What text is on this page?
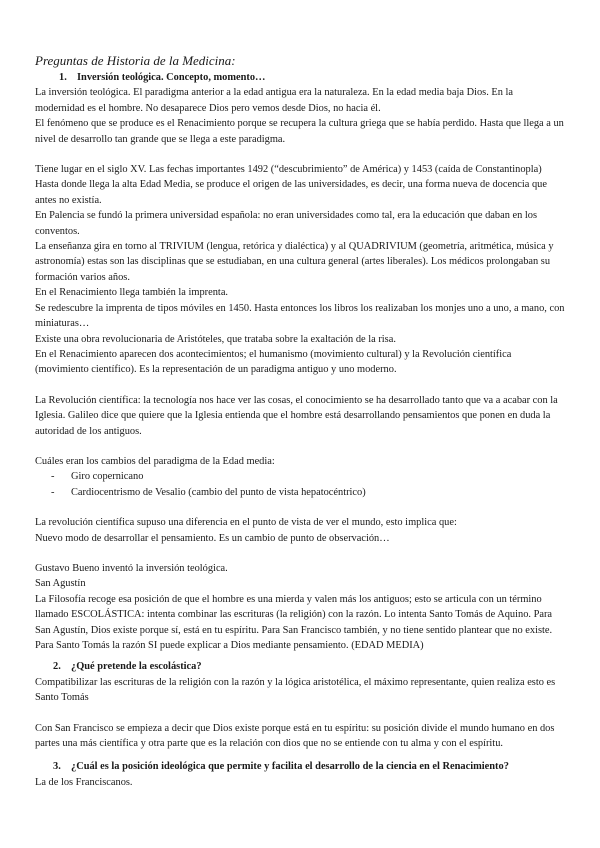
Preguntas de Historia de la Medicina:
1. Inversión teológica. Concepto, momento…

La inversión teológica. El paradigma anterior a la edad antigua era la naturaleza. En la edad media baja Dios. En la modernidad es el hombre. No desaparece Dios pero vemos desde Dios, no hacia él.

El fenómeno que se produce es el Renacimiento porque se recupera la cultura griega que se había perdido. Hasta que llega a un nivel de desarrollo tan grande que se llega a este paradigma.

Tiene lugar en el siglo XV. Las fechas importantes 1492 (“descubrimiento” de América) y 1453 (caída de Constantinopla)

Hasta donde llega la alta Edad Media, se produce el origen de las universidades, es decir, una forma nueva de docencia que antes no existía.

En Palencia se fundó la primera universidad española: no eran universidades como tal, era la educación que daban en los conventos.

La enseñanza gira en torno al TRIVIUM (lengua, retórica y dialéctica) y al QUADRIVIUM (geometría, aritmética, música y astronomía) estas son las disciplinas que se estudiaban, en una cultura general (artes liberales). Los médicos prolongaban su formación varios años.

En el Renacimiento llega también la imprenta.

Se redescubre la imprenta de tipos móviles en 1450. Hasta entonces los libros los realizaban los monjes uno a uno, a mano, con miniaturas…

Existe una obra revolucionaria de Aristóteles, que trataba sobre la exaltación de la risa.

En el Renacimiento aparecen dos acontecimientos; el humanismo (movimiento cultural) y la Revolución científica (movimiento científico). Es la representación de un paradigma antiguo y uno moderno.

La Revolución científica: la tecnología nos hace ver las cosas, el conocimiento se ha desarrollado tanto que va a acabar con la Iglesia. Galileo dice que quiere que la Iglesia entienda que el hombre está desarrollando pensamientos que ponen en duda la autoridad de los antiguos.

Cuáles eran los cambios del paradigma de la Edad media:

- Giro copernicano
- Cardiocentrismo de Vesalio (cambio del punto de vista hepatocéntrico)

La revolución científica supuso una diferencia en el punto de vista de ver el mundo, esto implica que:

Nuevo modo de desarrollar el pensamiento. Es un cambio de punto de observación…

Gustavo Bueno inventó la inversión teológica.

San Agustín

La Filosofía recoge esa posición de que el hombre es una mierda y valen más los antiguos; esto se articula con un término llamado ESCOLÁSTICA: intenta combinar las escrituras (la religión) con la razón. Lo intenta Santo Tomás de Aquino. Para San Agustín, Dios existe porque sí, está en tu espíritu. Para San Francisco también, y no tiene sentido plantear que no existe. Para Santo Tomás la razón SI puede explicar a Dios mediante pensamiento. (EDAD MEDIA)

2. ¿Qué pretende la escolástica?

Compatibilizar las escrituras de la religión con la razón y la lógica aristotélica, el máximo representante, quien realiza esto es Santo Tomás

Con San Francisco se empieza a decir que Dios existe porque está en tu espíritu: su posición divide el mundo humano en dos partes una más científica y otra parte que es la relación con dios que no se entiende con tu alma y con el espíritu.

3. ¿Cuál es la posición ideológica que permite y facilita el desarrollo de la ciencia en el Renacimiento?

La de los Franciscanos.
